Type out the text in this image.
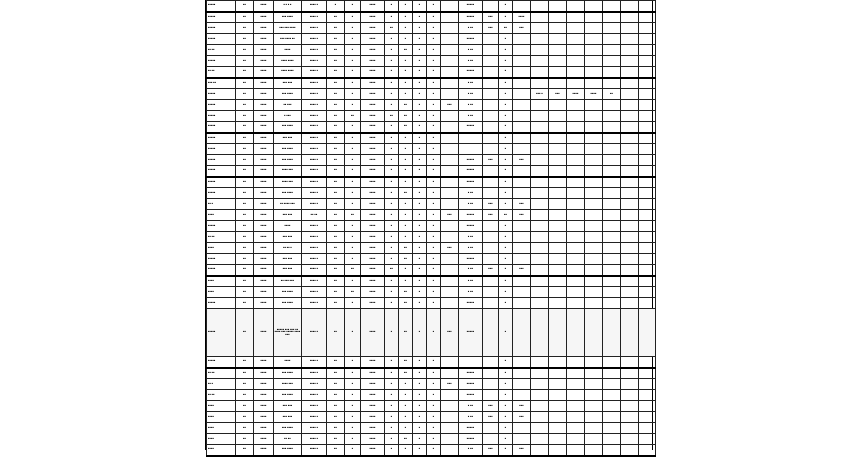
▪▪▪▪▪	▪▪	▪▪▪▪	▪ ▪ ▪ ▪	▪▪▪▪ ▪	▪	▪	▪▪▪▪	▪	▪	▪	▪		▪▪▪▪▪		▪								
▪▪▪▪▪	▪▪	▪▪▪▪	▪▪▪ ▪▪▪▪	▪▪▪▪ ▪	▪▪	▪	▪▪▪▪	▪	▪	▪	▪		▪▪▪▪▪	▪▪▪	▪	▪▪▪▪							
▪▪▪▪▪	▪▪	▪▪▪▪	▪▪▪ ▪▪▪ ▪▪▪▪	▪▪▪▪ ▪	▪▪	▪	▪▪▪▪	▪▪	▪	▪	▪		▪ ▪▪	▪▪▪	▪▪	▪▪▪							
▪▪▪▪▪	▪▪	▪▪▪▪	▪▪▪ ▪▪▪▪ ▪▪	▪▪▪▪ ▪	▪▪	▪	▪▪▪▪	▪	▪	▪	▪		▪▪▪▪▪		▪								
▪▪ ▪▪	▪▪	▪▪▪▪	▪▪▪▪	▪▪▪▪ ▪	▪▪	▪	▪▪▪▪	▪	▪▪	▪	▪		▪ ▪▪		▪								
▪▪▪▪▪	▪▪	▪▪▪▪	▪▪▪▪ ▪▪▪▪	▪▪▪▪ ▪	▪▪	▪	▪▪▪▪	▪	▪	▪	▪		▪ ▪▪		▪								
▪▪ ▪▪	▪▪	▪▪▪▪	▪▪▪▪ ▪▪▪▪	▪▪▪▪ ▪	▪▪	▪	▪▪▪▪	▪	▪	▪	▪		▪▪▪▪▪		▪								
▪▪▪ ▪▪	▪▪	▪▪▪▪	▪▪▪ ▪▪▪	▪▪▪▪ ▪	▪▪	▪	▪▪▪▪	▪	▪	▪	▪		▪ ▪▪		▪								
▪▪▪▪▪	▪▪	▪▪▪▪	▪▪▪ ▪▪▪▪	▪▪▪▪ ▪	▪▪	▪	▪▪▪▪	▪	▪	▪	▪		▪ ▪▪		▪		▪▪▪ ▪	▪▪▪	▪▪▪▪	▪▪▪▪	▪▪		
▪▪▪▪▪	▪▪	▪▪▪▪	▪▪ ▪▪▪	▪▪▪▪ ▪	▪▪	▪	▪▪▪▪	▪	▪▪	▪	▪	▪▪▪	▪ ▪▪		▪								
▪▪▪▪▪	▪▪	▪▪▪▪	▪ ▪▪▪	▪▪▪▪ ▪	▪▪	▪▪	▪▪▪▪	▪▪	▪▪	▪	▪		▪ ▪▪		▪								
▪▪▪▪▪	▪▪	▪▪▪▪	▪▪▪ ▪▪▪▪	▪▪▪▪ ▪	▪▪	▪	▪▪▪▪	▪	▪▪	▪	▪		▪▪▪▪▪		▪								
▪▪▪▪▪	▪▪	▪▪▪▪	▪▪▪ ▪▪▪	▪▪▪▪ ▪	▪▪	▪	▪▪▪▪	▪	▪	▪	▪				▪								
▪▪▪▪▪	▪▪	▪▪▪▪	▪▪▪ ▪▪▪▪	▪▪▪▪ ▪	▪▪	▪	▪▪▪▪	▪	▪	▪	▪				▪								
▪▪▪▪▪	▪▪	▪▪▪▪	▪▪▪ ▪▪▪▪	▪▪▪▪ ▪	▪▪	▪	▪▪▪▪	▪	▪	▪	▪		▪▪▪▪▪	▪▪▪	▪	▪▪▪							
▪▪▪▪▪	▪▪	▪▪▪▪	▪▪▪▪ ▪▪▪	▪▪▪▪ ▪	▪▪	▪	▪▪▪▪	▪	▪	▪	▪		▪▪▪▪▪		▪								
▪▪▪▪▪	▪▪	▪▪▪▪	▪▪▪▪ ▪▪▪	▪▪▪▪ ▪	▪▪	▪	▪▪▪▪	▪	▪	▪	▪		▪▪▪▪▪		▪								
▪▪▪▪▪	▪▪	▪▪▪▪	▪▪▪ ▪▪▪▪	▪▪▪▪ ▪	▪▪	▪	▪▪▪▪	▪	▪▪	▪	▪		▪ ▪▪		▪								
▪▪ ▪	▪▪	▪▪▪▪	▪▪ ▪▪▪▪ ▪▪▪	▪▪▪▪ ▪	▪▪	▪	▪▪▪▪	▪	▪	▪	▪		▪ ▪▪	▪▪▪	▪	▪▪▪							
▪▪▪▪	▪▪	▪▪▪▪	▪▪▪ ▪▪▪	▪▪ ▪▪	▪▪	▪▪	▪▪▪▪	▪	▪	▪	▪	▪▪▪	▪▪▪▪▪	▪▪▪	▪▪	▪▪▪							
▪▪▪▪▪	▪▪	▪▪▪▪	▪▪▪▪	▪▪▪▪ ▪	▪▪	▪	▪▪▪▪	▪	▪	▪	▪		▪▪▪▪▪		▪								
▪▪ ▪▪	▪▪	▪▪▪▪	▪▪▪ ▪▪▪	▪▪▪▪ ▪	▪▪	▪	▪▪▪▪	▪	▪	▪	▪		▪ ▪▪		▪								
▪▪▪▪	▪▪	▪▪▪▪	▪▪ ▪▪ ▪	▪▪▪▪ ▪	▪▪	▪	▪▪▪▪	▪	▪▪	▪	▪	▪▪▪	▪ ▪▪		▪								
▪▪▪▪▪	▪▪	▪▪▪▪	▪▪▪ ▪▪▪	▪▪▪▪ ▪	▪▪	▪	▪▪▪▪	▪	▪▪	▪	▪		▪▪▪▪▪		▪								
▪▪▪▪▪	▪▪	▪▪▪▪	▪▪▪ ▪▪▪	▪▪▪▪ ▪	▪▪	▪▪	▪▪▪▪	▪▪	▪	▪	▪		▪ ▪▪	▪▪▪	▪	▪▪▪							
▪▪▪▪	▪▪	▪▪▪▪	▪▪ ▪▪▪ ▪▪▪	▪▪▪▪ ▪	▪▪	▪	▪▪▪▪	▪	▪	▪	▪		▪ ▪▪		▪								
▪▪▪▪	▪▪	▪▪▪▪	▪▪▪ ▪▪▪▪	▪▪▪▪ ▪	▪▪	▪▪	▪▪▪▪	▪	▪▪	▪	▪		▪ ▪▪		▪								
▪▪▪▪▪	▪▪	▪▪▪▪	▪▪▪ ▪▪▪▪	▪▪▪▪ ▪	▪▪	▪	▪▪▪▪	▪	▪▪	▪	▪		▪▪▪▪▪		▪								
▪▪▪▪▪	▪▪	▪▪▪▪	▪▪▪▪▪ ▪▪▪ ▪▪▪ ▪▪ ▪▪▪▪ ▪▪▪ ▪▪▪▪▪ ▪▪▪▪ ▪▪▪	▪▪▪▪ ▪	▪▪	▪	▪▪▪▪	▪	▪▪	▪	▪	▪▪▪	▪▪▪▪▪		▪								
▪▪▪▪▪	▪▪	▪▪▪▪	▪▪▪▪	▪▪▪▪ ▪	▪▪	▪	▪▪▪▪	▪	▪▪	▪	▪				▪								
▪▪ ▪▪	▪▪	▪▪▪▪	▪▪▪ ▪▪▪▪	▪▪▪▪ ▪	▪▪	▪	▪▪▪▪	▪	▪▪	▪	▪		▪▪▪▪▪		▪								
▪▪ ▪	▪▪	▪▪▪▪	▪▪▪▪ ▪▪▪	▪▪▪▪ ▪	▪▪	▪	▪▪▪▪	▪	▪	▪	▪	▪▪▪	▪▪▪▪▪		▪								
▪▪ ▪▪	▪▪	▪▪▪▪	▪▪▪ ▪▪▪▪	▪▪▪▪ ▪	▪▪	▪	▪▪▪▪	▪	▪	▪	▪		▪▪▪▪▪		▪								
▪▪▪▪	▪▪	▪▪▪▪	▪▪▪ ▪▪▪	▪▪▪▪ ▪	▪▪	▪	▪▪▪▪	▪	▪	▪	▪		▪ ▪▪	▪▪▪	▪	▪▪▪							
▪▪▪▪	▪▪	▪▪▪▪	▪▪▪ ▪▪▪	▪▪▪▪ ▪	▪▪	▪	▪▪▪▪	▪	▪	▪	▪		▪ ▪▪	▪▪▪	▪	▪▪▪							
▪▪▪▪	▪▪	▪▪▪▪	▪▪▪ ▪▪▪▪	▪▪▪▪ ▪	▪▪	▪	▪▪▪▪	▪	▪	▪	▪		▪▪▪▪▪		▪								
▪▪▪▪	▪▪	▪▪▪▪	▪▪ ▪▪	▪▪▪▪ ▪	▪▪	▪	▪▪▪▪	▪	▪▪	▪	▪		▪▪▪▪▪		▪								
▪▪▪▪	▪▪	▪▪▪▪	▪▪▪ ▪▪▪▪	▪▪▪▪ ▪	▪▪	▪	▪▪▪▪	▪	▪	▪	▪		▪ ▪▪	▪▪▪	▪	▪▪▪							
